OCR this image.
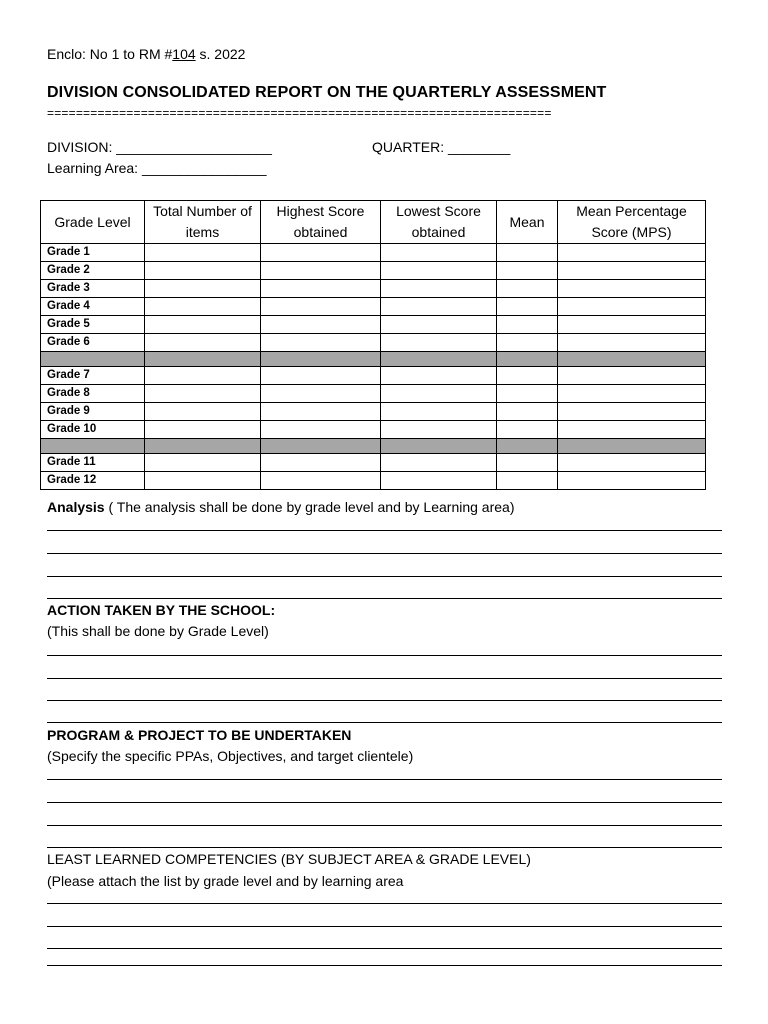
Enclo: No 1 to RM #104 s. 2022
DIVISION CONSOLIDATED REPORT ON THE QUARTERLY ASSESSMENT
======================================================================
DIVISION: ____________________	QUARTER: ________
Learning Area: ________________
Grade Level	Total Number of items	Highest Score obtained	Lowest Score obtained	Mean	Mean Percentage Score (MPS)
Grade 1					
Grade 2					
Grade 3					
Grade 4					
Grade 5					
Grade 6					

Grade 7					
Grade 8					
Grade 9					
Grade 10					

Grade 11					
Grade 12					
Analysis ( The analysis shall be done by grade level and by Learning area)
ACTION TAKEN BY THE SCHOOL:
(This shall be done by Grade Level)
PROGRAM & PROJECT TO BE UNDERTAKEN
(Specify the specific PPAs, Objectives, and target clientele)
LEAST LEARNED COMPETENCIES (BY SUBJECT AREA & GRADE LEVEL)
(Please attach the list by grade level and by learning area
